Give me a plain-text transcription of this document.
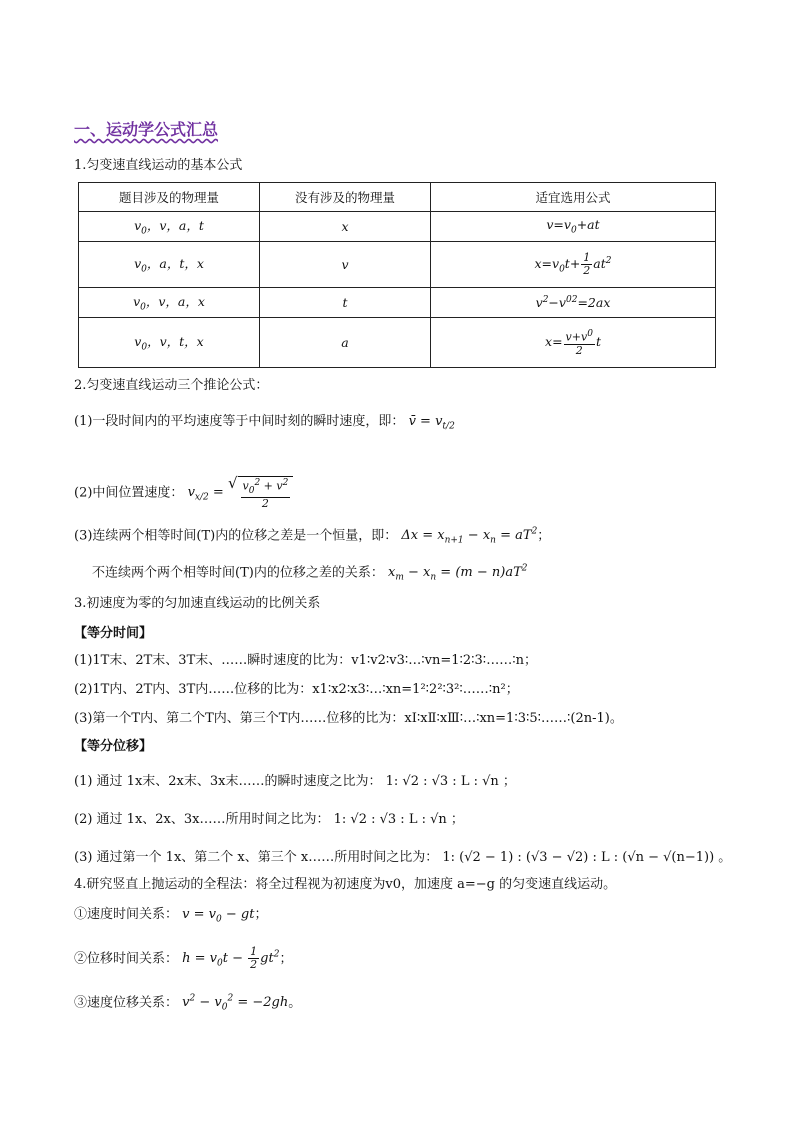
一、运动学公式汇总
1.匀变速直线运动的基本公式
题目涉及的物理量	没有涉及的物理量	适宜选用公式
$v_0$，v，a，t	x	$v=v_0+at$
$v_0$，a，t，x	v	$x=v_0t+ \frac{1}{2} at^2$
$v_0$，v，a，x	t	$v^2-v^{02}=2ax$
$v_0$，v，t，x	a	$x= \frac{v+v^0}{2}$ t
2.匀变速直线运动三个推论公式：
(1)一段时间内的平均速度等于中间时刻的瞬时速度，即： v̄ = $v_{t/2}$
(2)中间位置速度： $v_{x/2}$ =
√ $\frac{v_0^2 + v^2}{2}$
(3)连续两个相等时间(T)内的位移之差是一个恒量，即： $\Delta x = x_{n+1} - x_n = aT^2$；
不连续两个两个相等时间(T)内的位移之差的关系： $x_m - x_n = (m - n)aT^2$
3.初速度为零的匀加速直线运动的比例关系
【等分时间】
(1)1T末、2T末、3T末、……瞬时速度的比为：v1∶v2∶v3∶…∶vn=1∶2∶3∶……∶n；
(2)1T内、2T内、3T内……位移的比为：x1∶x2∶x3∶…∶xn=1²∶2²∶3²∶……∶n²；
(3)第一个T内、第二个T内、第三个T内……位移的比为：xⅠ∶xⅡ∶xⅢ∶…∶xn=1∶3∶5∶……∶(2n-1)。
【等分位移】
(1) 通过 1x末、2x末、3x末……的瞬时速度之比为： 1: √2 : √3 : L : √n ；
(2) 通过 1x、2x、3x……所用时间之比为： 1: √2 : √3 : L : √n ；
(3) 通过第一个 1x、第二个 x、第三个 x……所用时间之比为： 1: (√2 − 1) : (√3 − √2) : L : (√n − √(n−1)) 。
4.研究竖直上抛运动的全程法：将全过程视为初速度为v0，加速度 a=−g 的匀变速直线运动。
①速度时间关系： $v = v_0$ − gt；
②位移时间关系： $h = v_0t - \frac{1}{2} gt^2$；
③速度位移关系： $v^2 - v_0^2 = -2gh$。
